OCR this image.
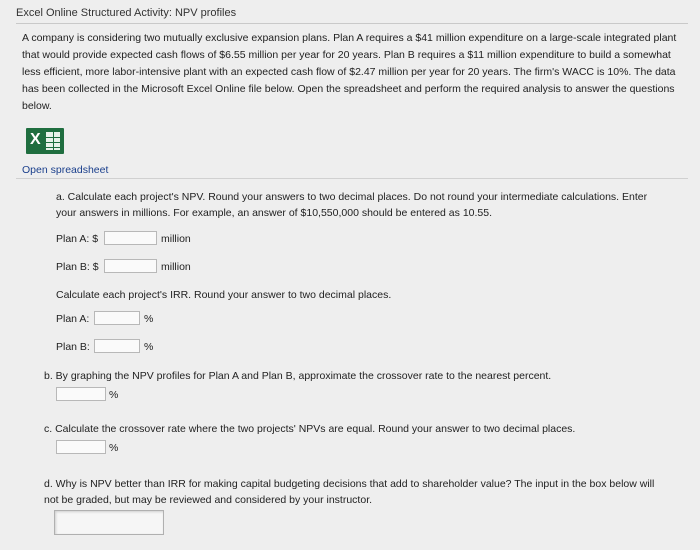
Excel Online Structured Activity: NPV profiles
A company is considering two mutually exclusive expansion plans. Plan A requires a $41 million expenditure on a large-scale integrated plant that would provide expected cash flows of $6.55 million per year for 20 years. Plan B requires a $11 million expenditure to build a somewhat less efficient, more labor-intensive plant with an expected cash flow of $2.47 million per year for 20 years. The firm's WACC is 10%. The data has been collected in the Microsoft Excel Online file below. Open the spreadsheet and perform the required analysis to answer the questions below.
X
Open spreadsheet
a. Calculate each project's NPV. Round your answers to two decimal places. Do not round your intermediate calculations. Enter your answers in millions. For example, an answer of $10,550,000 should be entered as 10.55.
Plan A: $	million
Plan B: $	million
Calculate each project's IRR. Round your answer to two decimal places.
Plan A:	%
Plan B:	%
b. By graphing the NPV profiles for Plan A and Plan B, approximate the crossover rate to the nearest percent.
%
c. Calculate the crossover rate where the two projects' NPVs are equal. Round your answer to two decimal places.
%
d. Why is NPV better than IRR for making capital budgeting decisions that add to shareholder value? The input in the box below will not be graded, but may be reviewed and considered by your instructor.
